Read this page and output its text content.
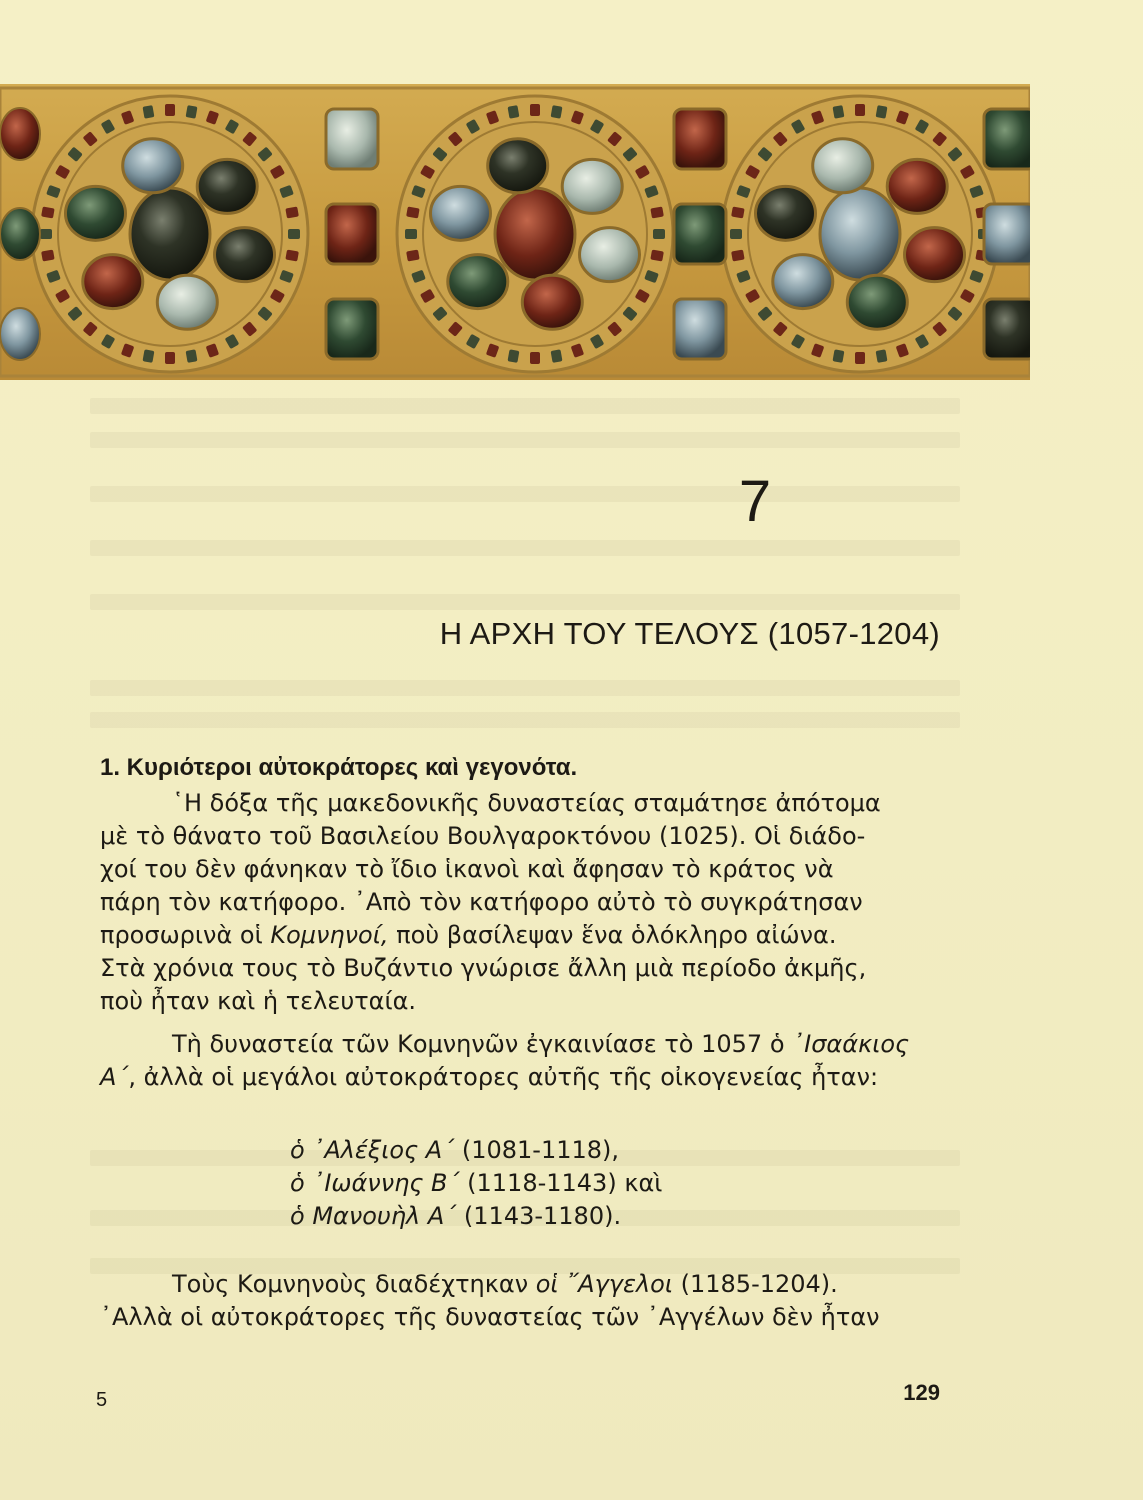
7
Η ΑΡΧΗ ΤΟΥ ΤΕΛΟΥΣ (1057-1204)
1. Κυριότεροι αὐτοκράτορες καὶ γεγονότα.
῾Η δόξα τῆς μακεδονικῆς δυναστείας σταμάτησε ἀπότομα
μὲ τὸ θάνατο τοῦ Βασιλείου Βουλγαροκτόνου (1025). Οἱ διάδο-
χοί του δὲν φάνηκαν τὸ ἴδιο ἱκανοὶ καὶ ἄφησαν τὸ κράτος νὰ
πάρη τὸν κατήφορο. ᾿Απὸ τὸν κατήφορο αὐτὸ τὸ συγκράτησαν
προσωρινὰ οἱ Κομνηνοί, ποὺ βασίλεψαν ἕνα ὁλόκληρο αἰώνα.
Στὰ χρόνια τους τὸ Βυζάντιο γνώρισε ἄλλη μιὰ περίοδο ἀκμῆς,
ποὺ ἦταν καὶ ἡ τελευταία.
Τὴ δυναστεία τῶν Κομνηνῶν ἐγκαινίασε τὸ 1057 ὁ ᾿Ισαάκιος
Α΄, ἀλλὰ οἱ μεγάλοι αὐτοκράτορες αὐτῆς τῆς οἰκογενείας ἦταν:
ὁ ᾿Αλέξιος Α΄ (1081-1118),
ὁ ᾿Ιωάννης Β΄ (1118-1143) καὶ
ὁ Μανουὴλ Α΄ (1143-1180).
Τοὺς Κομνηνοὺς διαδέχτηκαν οἱ ῎Αγγελοι (1185-1204).
᾿Αλλὰ οἱ αὐτοκράτορες τῆς δυναστείας τῶν ᾿Αγγέλων δὲν ἦταν
5	129
